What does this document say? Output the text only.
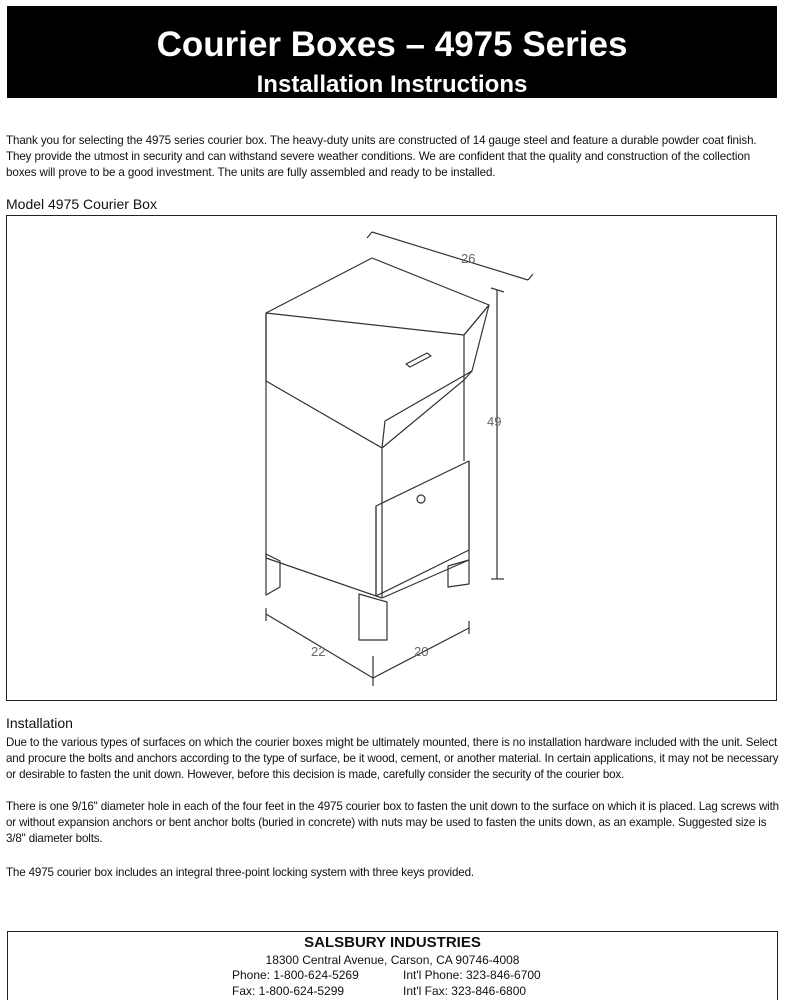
Courier Boxes – 4975 Series
Installation Instructions
Thank you for selecting the 4975 series courier box. The heavy-duty units are constructed of 14 gauge steel and feature a durable powder coat finish. They provide the utmost in security and can withstand severe weather conditions. We are confident that the quality and construction of the collection boxes will prove to be a good investment. The units are fully assembled and ready to be installed.
Model 4975 Courier Box
26
49
22	20
Installation
Due to the various types of surfaces on which the courier boxes might be ultimately mounted, there is no installation hardware included with the unit. Select and procure the bolts and anchors according to the type of surface, be it wood, cement, or another material. In certain applications, it may not be necessary or desirable to fasten the unit down. However, before this decision is made, carefully consider the security of the courier box.
There is one 9/16" diameter hole in each of the four feet in the 4975 courier box to fasten the unit down to the surface on which it is placed. Lag screws with or without expansion anchors or bent anchor bolts (buried in concrete) with nuts may be used to fasten the units down, as an example. Suggested size is 3/8" diameter bolts.
The 4975 courier box includes an integral three-point locking system with three keys provided.
SALSBURY INDUSTRIES
18300 Central Avenue, Carson, CA 90746-4008
Phone: 1-800-624-5269	Int'l Phone: 323-846-6700
Fax: 1-800-624-5299	Int'l Fax: 323-846-6800
